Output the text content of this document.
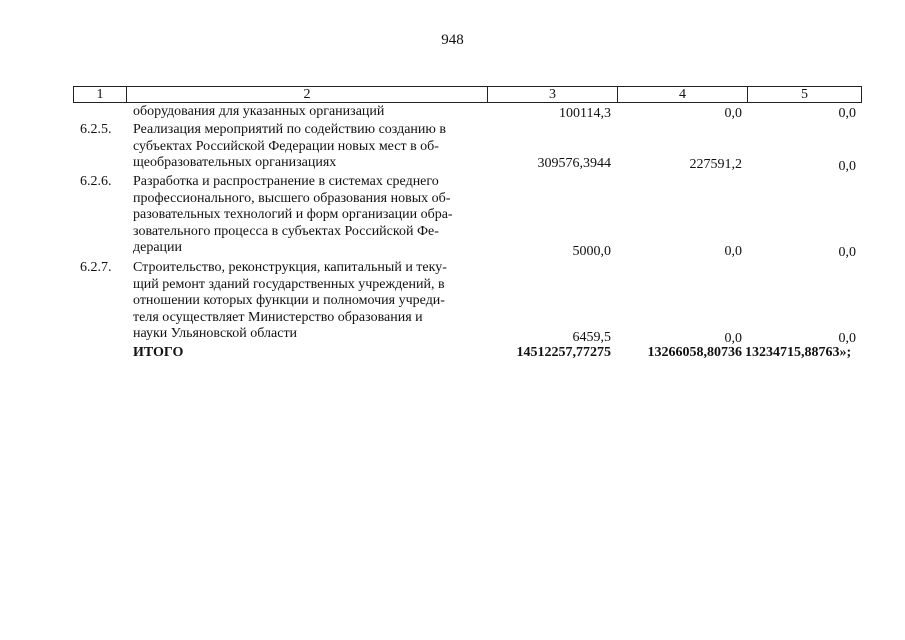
948
1	2	3	4	5
оборудования для указанных организаций	100114,3	0,0	0,0
6.2.5.	Реализация мероприятий по содействию созданию в
субъектах Российской Федерации новых мест в об-
щеобразовательных организациях	309576,3944	227591,2	0,0
6.2.6.	Разработка и распространение в системах среднего
профессионального, высшего образования новых об-
разовательных технологий и форм организации обра-
зовательного процесса в субъектах Российской Фе-
дерации	5000,0	0,0	0,0
6.2.7.	Строительство, реконструкция, капитальный и теку-
щий ремонт зданий государственных учреждений, в
отношении которых функции и полномочия учреди-
теля осуществляет Министерство образования и
науки Ульяновской области	6459,5	0,0	0,0
ИТОГО	14512257,77275	13266058,80736 13234715,88763»;
